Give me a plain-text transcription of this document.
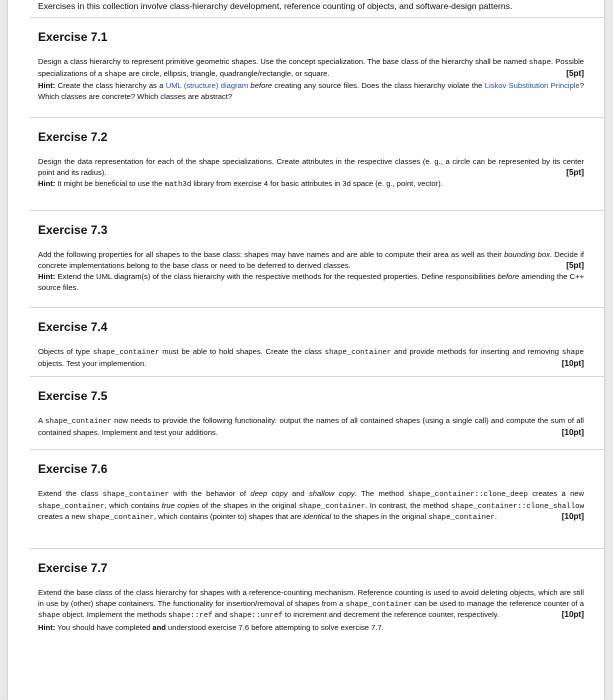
Exercises in this collection involve class-hierarchy development, reference counting of objects, and software-design patterns.
Exercise 7.1

Design a class hierarchy to represent primitive geometric shapes. Use the concept specialization. The base class of the hierarchy shall be named shape. Possible specializations of a shape are circle, ellipsis, triangle, quadrangle/rectangle, or square.	[5pt]

Hint: Create the class hierarchy as a UML (structure) diagram before creating any source files. Does the class hierarchy violate the Liskov Substitution Principle? Which classes are concrete? Which classes are abstract?

Exercise 7.2

Design the data representation for each of the shape specializations. Create attributes in the respective classes (e. g., a circle can be represented by its center point and its radius).	[5pt]

Hint: It might be beneficial to use the math3d library from exercise 4 for basic attributes in 3d space (e. g., point, vector).

Exercise 7.3

Add the following properties for all shapes to the base class: shapes may have names and are able to compute their area as well as their bounding box. Decide if concrete implementations belong to the base class or need to be deferred to derived classes.	[5pt]

Hint: Extend the UML diagram(s) of the class hierarchy with the respective methods for the requested properties. Define responsibilities before amending the C++ source files.

Exercise 7.4

Objects of type shape_container must be able to hold shapes. Create the class shape_container and provide methods for inserting and removing shape objects. Test your implemention.	[10pt]

Exercise 7.5

A shape_container now needs to provide the following functionality: output the names of all contained shapes (using a single call) and compute the sum of all contained shapes. Implement and test your additions.	[10pt]

Exercise 7.6

Extend the class shape_container with the behavior of deep copy and shallow copy. The method shape_container::clone_deep creates a new shape_container, which contains true copies of the shapes in the original shape_container. In contrast, the method shape_container::clone_shallow creates a new shape_container, which contains (pointer to) shapes that are identical to the shapes in the original shape_container.	[10pt]

Exercise 7.7

Extend the base class of the class hierarchy for shapes with a reference-counting mechanism. Reference counting is used to avoid deleting objects, which are still in use by (other) shape containers. The functionality for insertion/removal of shapes from a shape_container can be used to manage the reference counter of a shape object. Implement the methods shape::ref and shape::unref to increment and decrement the reference counter, respectively.	[10pt]

Hint: You should have completed and understood exercise 7.6 before attempting to solve exercise 7.7.
